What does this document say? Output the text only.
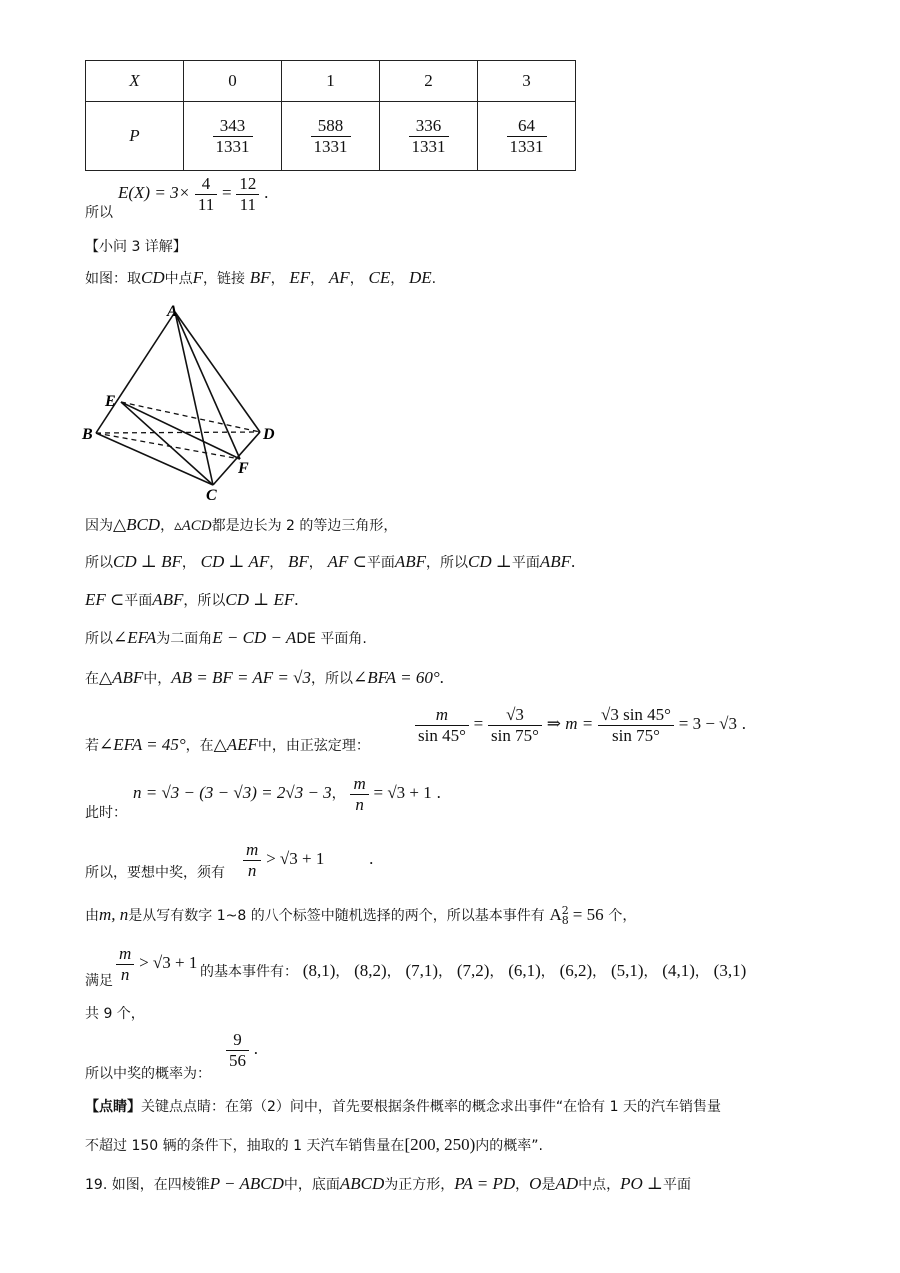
X	0	1	2	3
P	$\frac{343}{1331}$	$\frac{588}{1331}$	$\frac{336}{1331}$	$\frac{64}{1331}$
所以
$E(X) = 3\times \frac{4}{11} = \frac{12}{11}$ .
【小问 3 详解】
如图：取CD中点F，链接 BF， EF， AF， CE， DE.
A
B
C
D
E
F
因为△BCD，▵ACD都是边长为 2 的等边三角形，
所以CD ⊥ BF， CD ⊥ AF， BF， AF ⊂平面ABF，所以CD ⊥平面ABF.
EF ⊂平面ABF，所以CD ⊥ EF.
所以∠EFA为二面角E − CD − ADE 平面角.
在△ABF中，AB = BF = AF = √3，所以∠BFA = 60°.
若∠EFA = 45°，在△AEF中，由正弦定理：
$\frac{m}{\sin 45^\circ} = \frac{√3}{\sin 75^\circ}$ ⇒ $m = \frac{√3 \sin 45^\circ}{\sin 75^\circ} = 3 - √3$ .
此时：
n = √3 − (3 − √3) = 2√3 − 3， $\frac{m}{n} = √3 + 1$ .
所以，要想中奖，须有 $\frac{m}{n} > √3 + 1$	.
由m, n是从写有数字 1~8 的八个标签中随机选择的两个，所以基本事件有 A 2
8 = 56 个，
满足 $\frac{m}{n} > √3 + 1$ 的基本事件有： (8,1)， (8,2)， (7,1)， (7,2)， (6,1)， (6,2)， (5,1)， (4,1)， (3,1)
共 9 个，
所以中奖的概率为：
$\frac{9}{56}$ .
【点睛】关键点点睛：在第（2）问中，首先要根据条件概率的概念求出事件“在恰有 1 天的汽车销售量
不超过 150 辆的条件下，抽取的 1 天汽车销售量在[200, 250)内的概率”.
19. 如图，在四棱锥P − ABCD中，底面ABCD为正方形，PA = PD，O是AD中点，PO ⊥平面
